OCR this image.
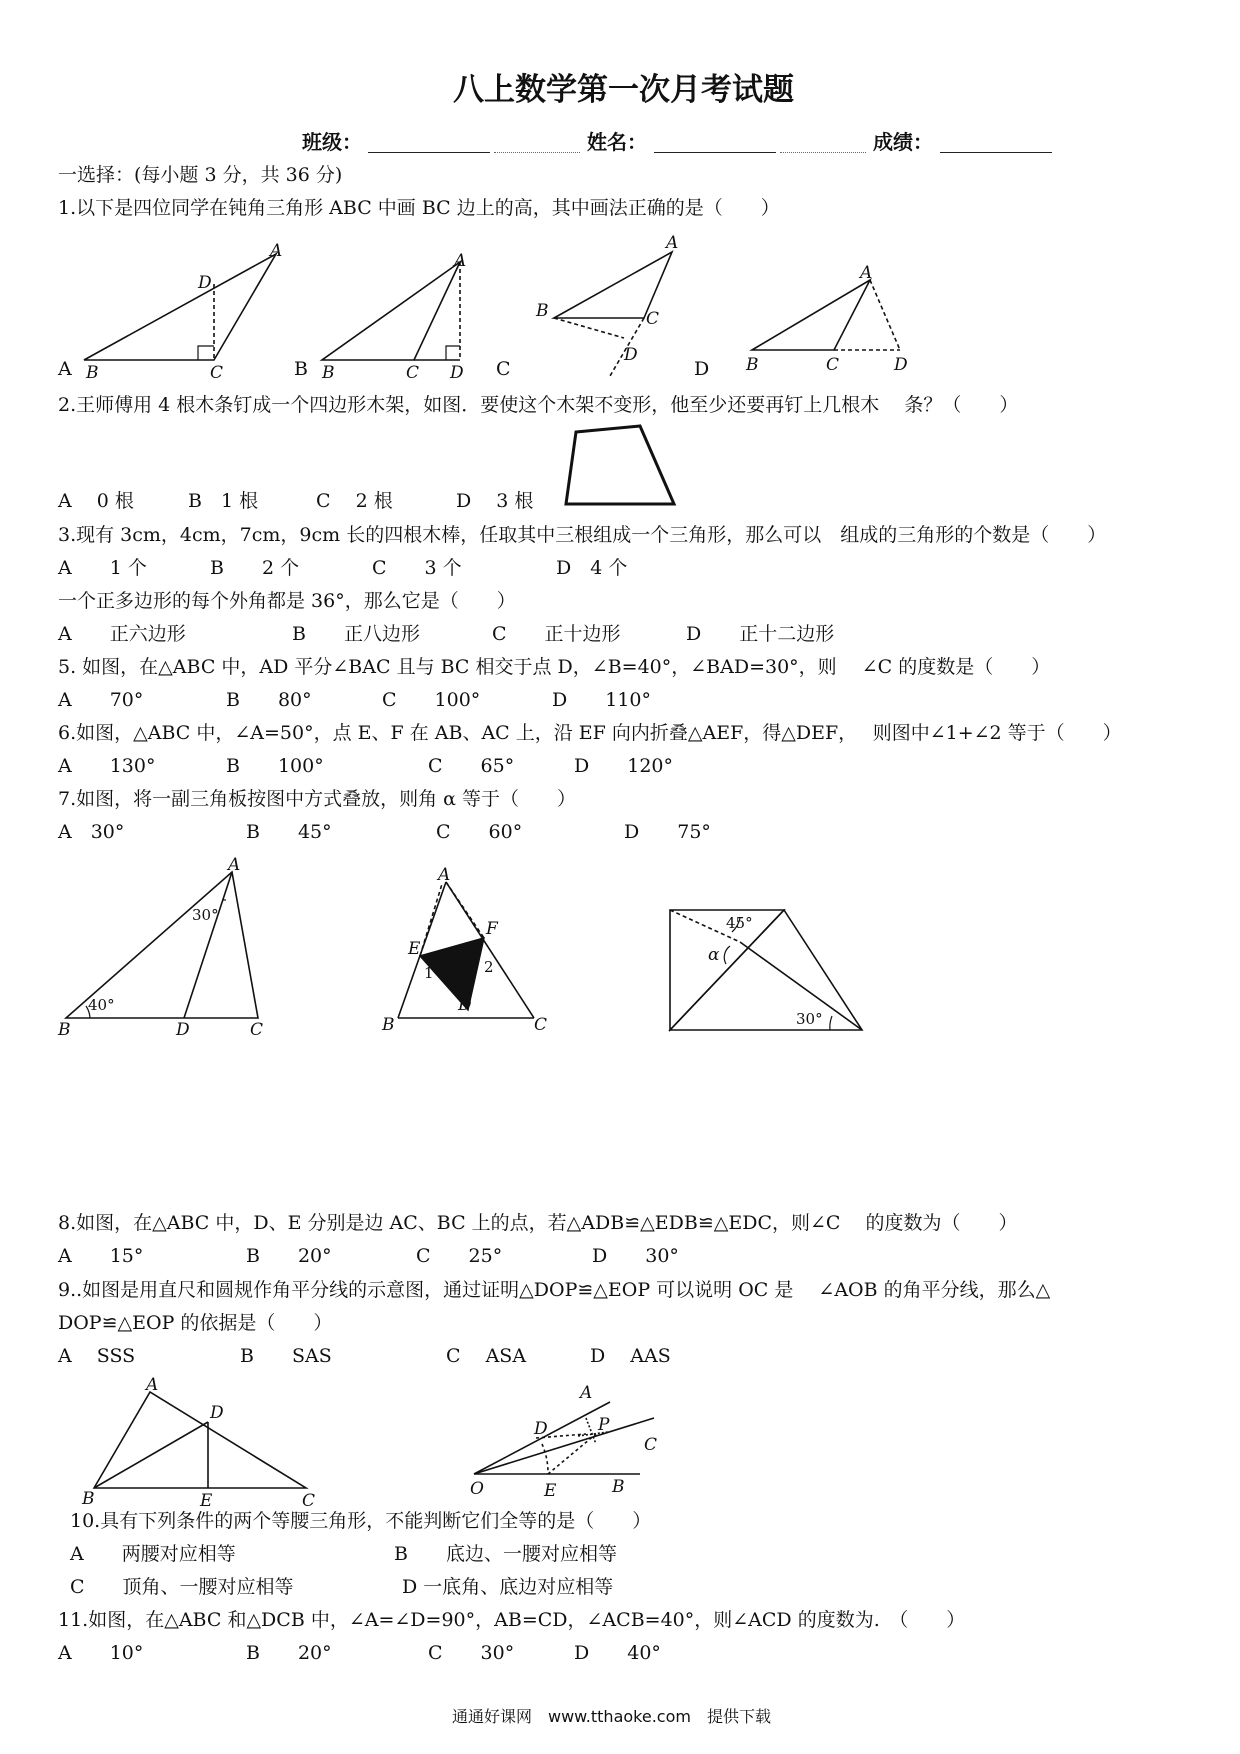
八上数学第一次月考试题
班级：	姓名：	成绩：
一选择：(每小题 3 分，共 36 分)
1.以下是四位同学在钝角三角形 ABC 中画 BC 边上的高，其中画法正确的是（　　）
D
A
B	C
A
B	C D
A
B	C
D
A
B	C	D
A	B	C	D
2.王师傅用 4 根木条钉成一个四边形木架，如图．要使这个木架不变形，他至少还要再钉上几根木　 条？（　　）
A　 0 根	B　1 根	C　 2 根	D　 3 根
3.现有 3cm，4cm，7cm，9cm 长的四根木棒，任取其中三根组成一个三角形，那么可以　组成的三角形的个数是（　　）
A　　1 个	B　　2 个	C　　3 个	D　4 个
一个正多边形的每个外角都是 36°，那么它是（　　）
A　　正六边形	B　　正八边形	C　　正十边形	D　　正十二边形
5. 如图，在△ABC 中，AD 平分∠BAC 且与 BC 相交于点 D，∠B=40°，∠BAD=30°，则　 ∠C 的度数是（　　）
A　　70°	B　　80°	C　　100°	D　　110°
6.如图，△ABC 中，∠A=50°，点 E、F 在 AB、AC 上，沿 EF 向内折叠△AEF，得△DEF，　 则图中∠1+∠2 等于（　　）
A　　130°	B　　100°	C　　65°	D　　120°
7.如图，将一副三角板按图中方式叠放，则角 α 等于（　　）
A　30°	B　　45°	C　　60°	D　　75°
A
B	D	C
30°
40°
A
E
F
1	2
D
B	C
45°
α
30°
8.如图，在△ABC 中，D、E 分别是边 AC、BC 上的点，若△ADB≌△EDB≌△EDC，则∠C　 的度数为（　　）
A　　15°	B　　20°	C　　25°	D　　30°
9..如图是用直尺和圆规作角平分线的示意图，通过证明△DOP≌△EOP 可以说明 OC 是　 ∠AOB 的角平分线，那么△
DOP≌△EOP 的依据是（　　）
A　 SSS	B　　SAS	C　 ASA	D　 AAS
A
D
B	E	C
A
D	P
C
O	E	B
10.具有下列条件的两个等腰三角形，不能判断它们全等的是（　　）
A　　两腰对应相等	B　　底边、一腰对应相等
C　　顶角、一腰对应相等	D 一底角、底边对应相等
11.如图，在△ABC 和△DCB 中，∠A=∠D=90°，AB=CD，∠ACB=40°，则∠ACD 的度数为.　（　　）
A　　10°	B　　20°	C　　30°	D　　40°
通通好课网　www.tthaoke.com　提供下载
